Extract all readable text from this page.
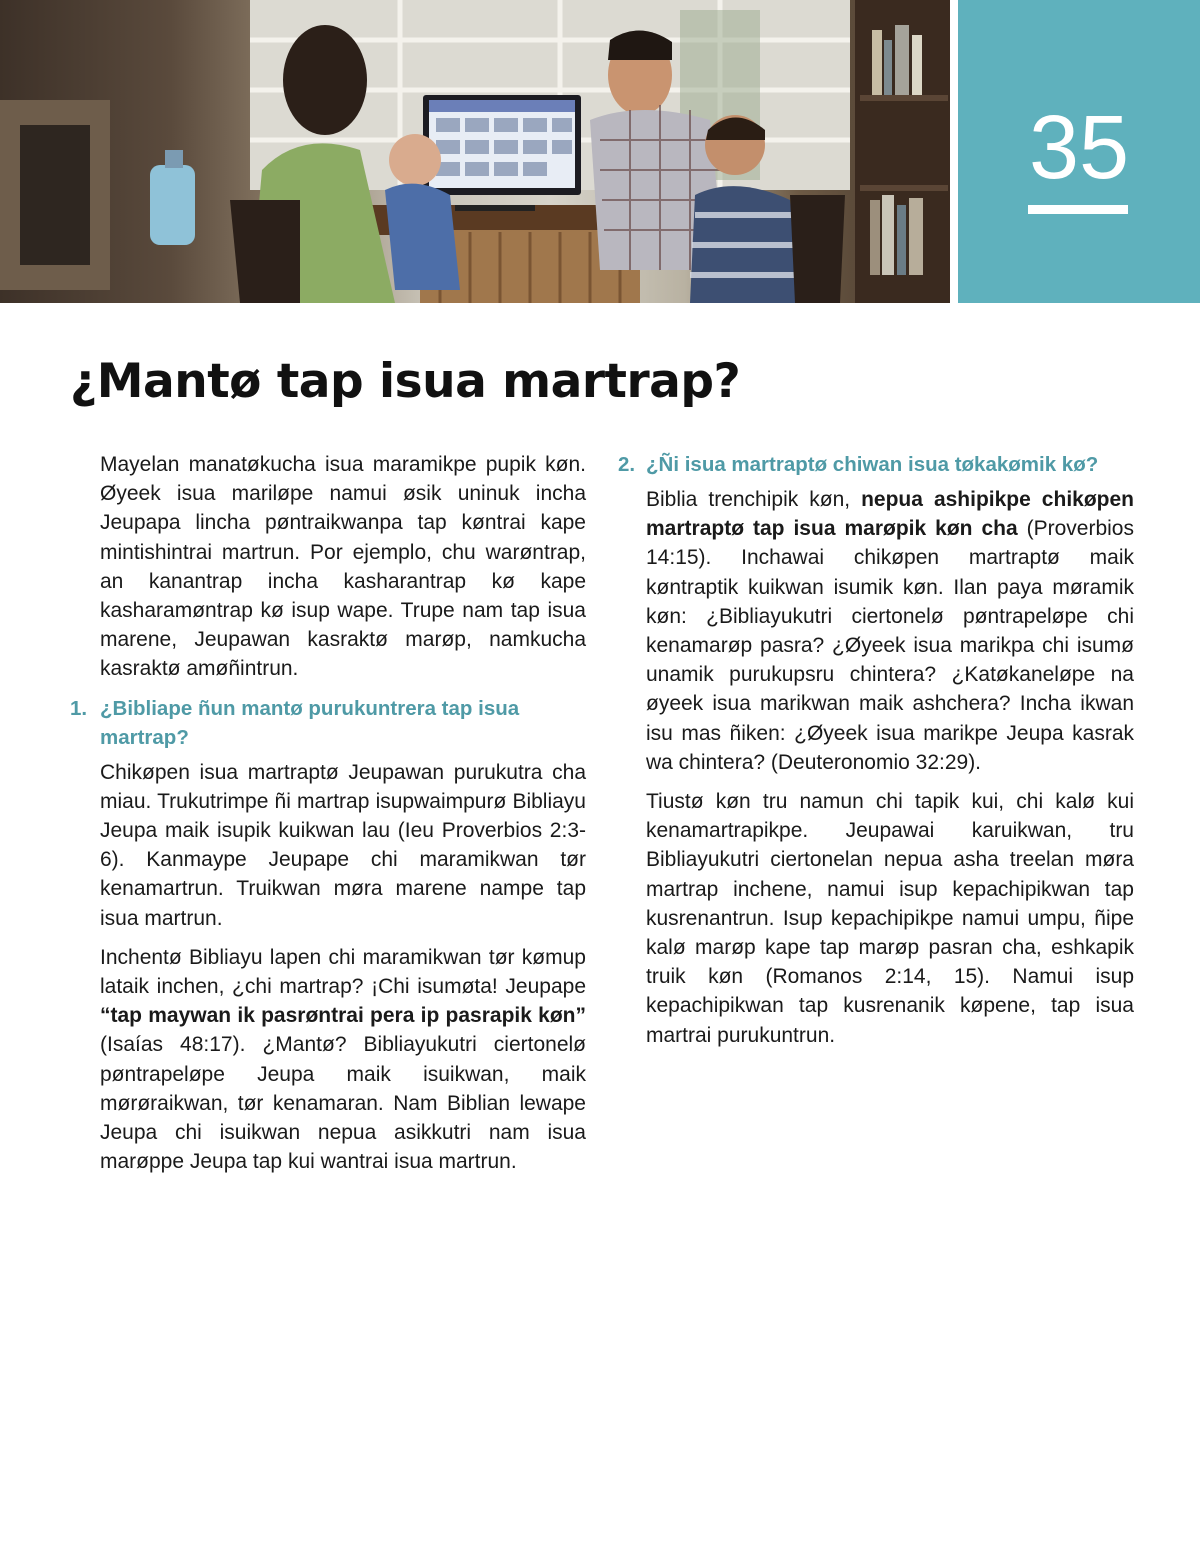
35
¿Mantø tap isua martrap?

Mayelan manatøkucha isua maramikpe pupik køn. Øyeek isua mariløpe namui øsik uninuk incha Jeupapa lincha pøntraikwanpa tap køntrai kape mintishintrai martrun. Por ejemplo, chu warøntrap, an kanantrap incha kasharantrap kø kape kasharamøntrap kø isup wape. Trupe nam tap isua marene, Jeupawan kasraktø marøp, namkucha kasraktø amøñintrun.

1. ¿Bibliape ñun mantø purukuntrera tap isua martrap?

Chikøpen isua martraptø Jeupawan purukutra cha miau. Trukutrimpe ñi martrap isupwaimpurø Bibliayu Jeupa maik isupik kuikwan lau (Ieu Proverbios 2:3-6). Kanmaype Jeupape chi maramikwan tør kenamartrun. Truikwan møra marene nampe tap isua martrun.

Inchentø Bibliayu lapen chi maramikwan tør kømup lataik inchen, ¿chi martrap? ¡Chi isumøta! Jeupape “tap maywan ik pasrøntrai pera ip pasrapik køn” (Isaías 48:17). ¿Mantø? Bibliayukutri ciertonelø pøntrapeløpe Jeupa maik isuikwan, maik mørøraikwan, tør kenamaran. Nam Biblian lewape Jeupa chi isuikwan nepua asikkutri nam isua marøppe Jeupa tap kui wantrai isua martrun.

2. ¿Ñi isua martraptø chiwan isua tøkakømik kø?

Biblia trenchipik køn, nepua ashipikpe chikøpen martraptø tap isua marøpik køn cha (Proverbios 14:15). Inchawai chikøpen martraptø maik køntraptik kuikwan isumik køn. Ilan paya møramik køn: ¿Bibliayukutri ciertonelø pøntrapeløpe chi kenamarøp pasra? ¿Øyeek isua marikpa chi isumø unamik purukupsru chintera? ¿Katøkaneløpe na øyeek isua marikwan maik ashchera? Incha ikwan isu mas ñiken: ¿Øyeek isua marikpe Jeupa kasrak wa chintera? (Deuteronomio 32:29).

Tiustø køn tru namun chi tapik kui, chi kalø kui kenamartrapikpe. Jeupawai karuikwan, tru Bibliayukutri ciertonelan nepua asha treelan møra martrap inchene, namui isup kepachipikwan tap kusrenantrun. Isup kepachipikpe namui umpu, ñipe kalø marøp kape tap marøp pasran cha, eshkapik truik køn (Romanos 2:14, 15). Namui isup kepachipikwan tap kusrenanik køpene, tap isua martrai purukuntrun.
